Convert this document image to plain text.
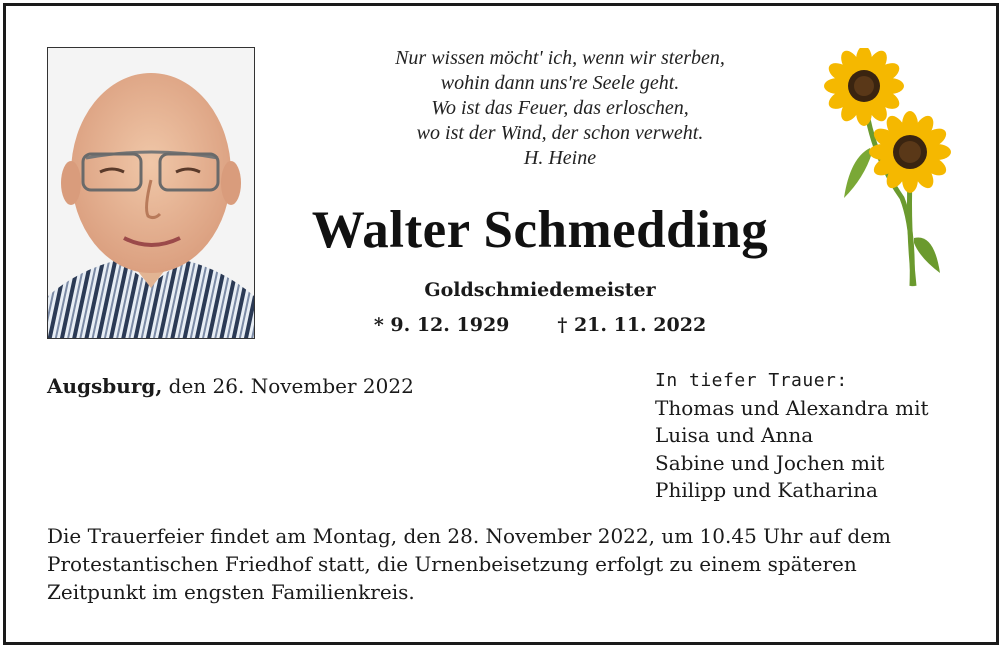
Nur wissen möcht' ich, wenn wir sterben,
wohin dann uns're Seele geht.
Wo ist das Feuer, das erloschen,
wo ist der Wind, der schon verweht.
H. Heine
Walter Schmedding
Goldschmiedemeister
* 9. 12. 1929	† 21. 11. 2022
Augsburg, den 26. November 2022	In tiefer Trauer:
Thomas und Alexandra mit
Luisa und Anna
Sabine und Jochen mit
Philipp und Katharina
Die Trauerfeier findet am Montag, den 28. November 2022, um 10.45 Uhr auf dem
Protestantischen Friedhof statt, die Urnenbeisetzung erfolgt zu einem späteren
Zeitpunkt im engsten Familienkreis.
